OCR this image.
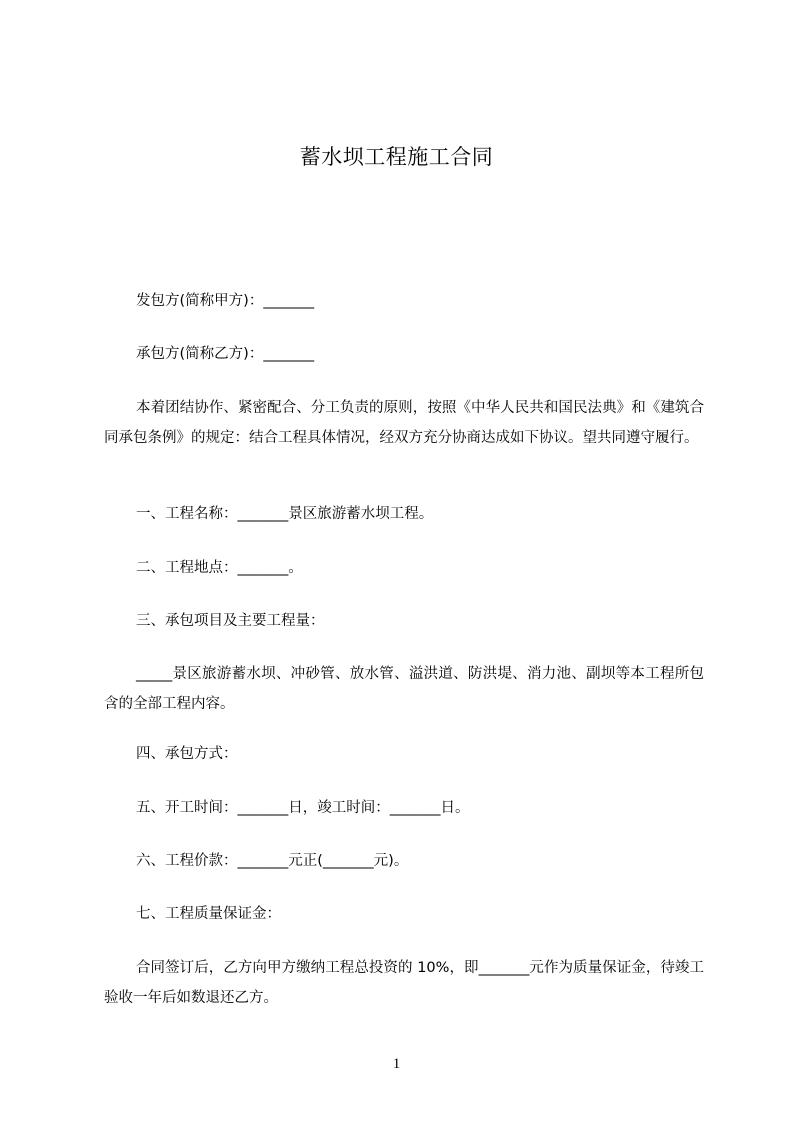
蓄水坝工程施工合同
发包方(简称甲方)：_______
承包方(简称乙方)：_______
本着团结协作、紧密配合、分工负责的原则，按照《中华人民共和国民法典》和《建筑合同承包条例》的规定：结合工程具体情况，经双方充分协商达成如下协议。望共同遵守履行。
一、工程名称：_______景区旅游蓄水坝工程。
二、工程地点：_______。
三、承包项目及主要工程量：
_____景区旅游蓄水坝、冲砂管、放水管、溢洪道、防洪堤、消力池、副坝等本工程所包含的全部工程内容。
四、承包方式：
五、开工时间：_______日，竣工时间：_______日。
六、工程价款：_______元正(_______元)。
七、工程质量保证金：
合同签订后，乙方向甲方缴纳工程总投资的 10%，即_______元作为质量保证金，待竣工验收一年后如数退还乙方。
1
